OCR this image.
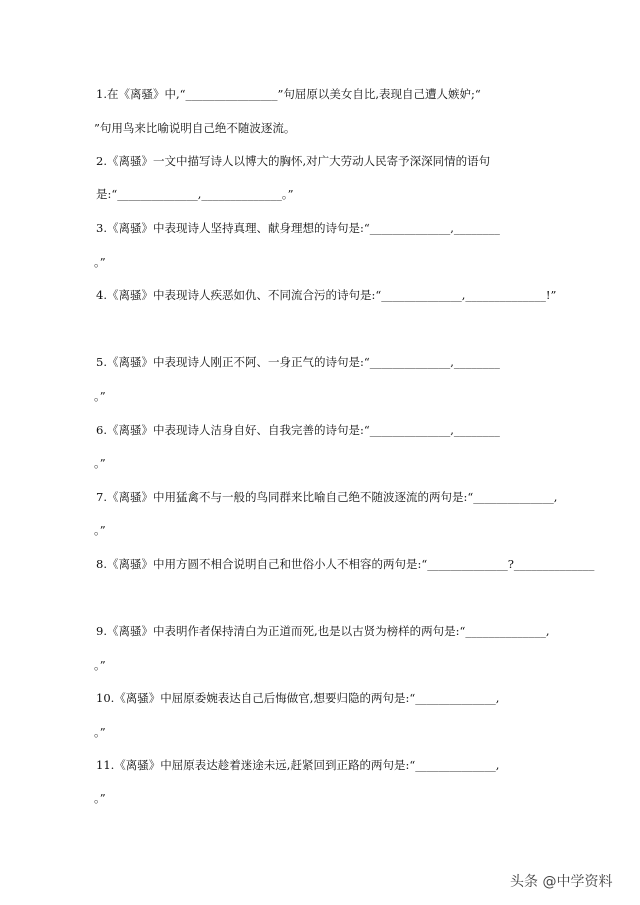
1.在《离骚》中,“________________”句屈原以美女自比,表现自己遭人嫉妒;“
”句用鸟来比喻说明自己绝不随波逐流。
2.《离骚》一文中描写诗人以博大的胸怀,对广大劳动人民寄予深深同情的语句
是:“______________,______________。”
3.《离骚》中表现诗人坚持真理、献身理想的诗句是:“______________,________
。”
4.《离骚》中表现诗人疾恶如仇、不同流合污的诗句是:“______________,______________!”
5.《离骚》中表现诗人刚正不阿、一身正气的诗句是:“______________,________
。”
6.《离骚》中表现诗人洁身自好、自我完善的诗句是:“______________,________
。”
7.《离骚》中用猛禽不与一般的鸟同群来比喻自己绝不随波逐流的两句是:“______________,
。”
8.《离骚》中用方圆不相合说明自己和世俗小人不相容的两句是:“______________?______________
9.《离骚》中表明作者保持清白为正道而死,也是以古贤为榜样的两句是:“______________,
。”
10.《离骚》中屈原委婉表达自己后悔做官,想要归隐的两句是:“______________,
。”
11.《离骚》中屈原表达趁着迷途未远,赶紧回到正路的两句是:“______________,
。”
头条 @中学资料
